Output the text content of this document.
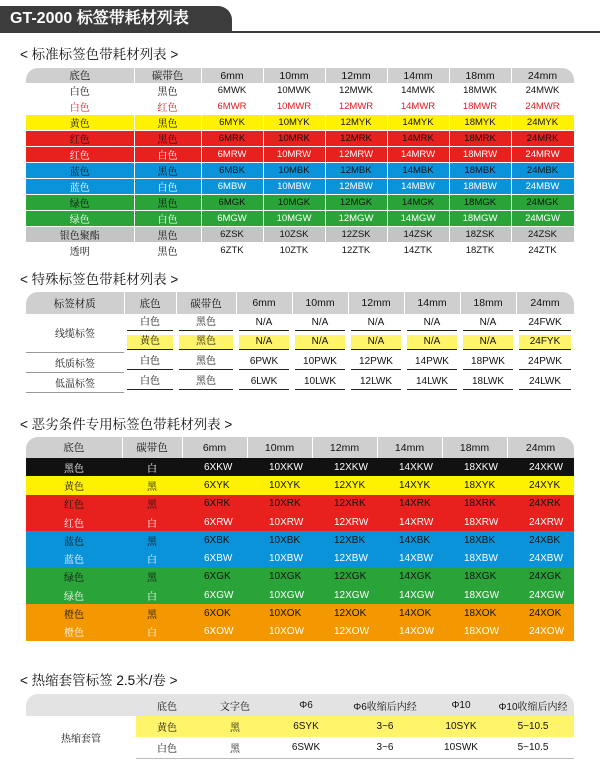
GT-2000 标签带耗材列表
< 标准标签色带耗材列表 >
底色	碳带色	6mm	10mm	12mm	14mm	18mm	24mm
白色	黑色	6MWK	10MWK	12MWK	14MWK	18MWK	24MWK
白色	红色	6MWR	10MWR	12MWR	14MWR	18MWR	24MWR
黄色	黑色	6MYK	10MYK	12MYK	14MYK	18MYK	24MYK
红色	黑色	6MRK	10MRK	12MRK	14MRK	18MRK	24MRK
红色	白色	6MRW	10MRW	12MRW	14MRW	18MRW	24MRW
蓝色	黑色	6MBK	10MBK	12MBK	14MBK	18MBK	24MBK
蓝色	白色	6MBW	10MBW	12MBW	14MBW	18MBW	24MBW
绿色	黑色	6MGK	10MGK	12MGK	14MGK	18MGK	24MGK
绿色	白色	6MGW	10MGW	12MGW	14MGW	18MGW	24MGW
银色聚酯	黑色	6ZSK	10ZSK	12ZSK	14ZSK	18ZSK	24ZSK
透明	黑色	6ZTK	10ZTK	12ZTK	14ZTK	18ZTK	24ZTK
< 特殊标签色带耗材列表 >
标签材质	底色	碳带色	6mm	10mm	12mm	14mm	18mm	24mm
线缆标签	白色	黑色	N/A	N/A	N/A	N/A	N/A	24FWK

	黄色	黑色	N/A	N/A	N/A	N/A	N/A	24FYK

纸质标签	白色	黑色	6PWK	10PWK	12PWK	14PWK	18PWK	24PWK

低温标签	白色	黑色	6LWK	10LWK	12LWK	14LWK	18LWK	24LWK
< 恶劣条件专用标签色带耗材列表 >
底色	碳带色	6mm	10mm	12mm	14mm	18mm	24mm
黑色	白	6XKW	10XKW	12XKW	14XKW	18XKW	24XKW
黄色	黑	6XYK	10XYK	12XYK	14XYK	18XYK	24XYK
红色	黑	6XRK	10XRK	12XRK	14XRK	18XRK	24XRK
红色	白	6XRW	10XRW	12XRW	14XRW	18XRW	24XRW
蓝色	黑	6XBK	10XBK	12XBK	14XBK	18XBK	24XBK
蓝色	白	6XBW	10XBW	12XBW	14XBW	18XBW	24XBW
绿色	黑	6XGK	10XGK	12XGK	14XGK	18XGK	24XGK
绿色	白	6XGW	10XGW	12XGW	14XGW	18XGW	24XGW
橙色	黑	6XOK	10XOK	12XOK	14XOK	18XOK	24XOK
橙色	白	6XOW	10XOW	12XOW	14XOW	18XOW	24XOW
< 热缩套管标签 2.5米/卷 >
	底色	文字色	Φ6	Φ6收缩后内经	Φ10	Φ10收缩后内经
热缩套管	黄色	黑	6SYK	3~6	10SYK	5~10.5
	白色	黑	6SWK	3~6	10SWK	5~10.5
